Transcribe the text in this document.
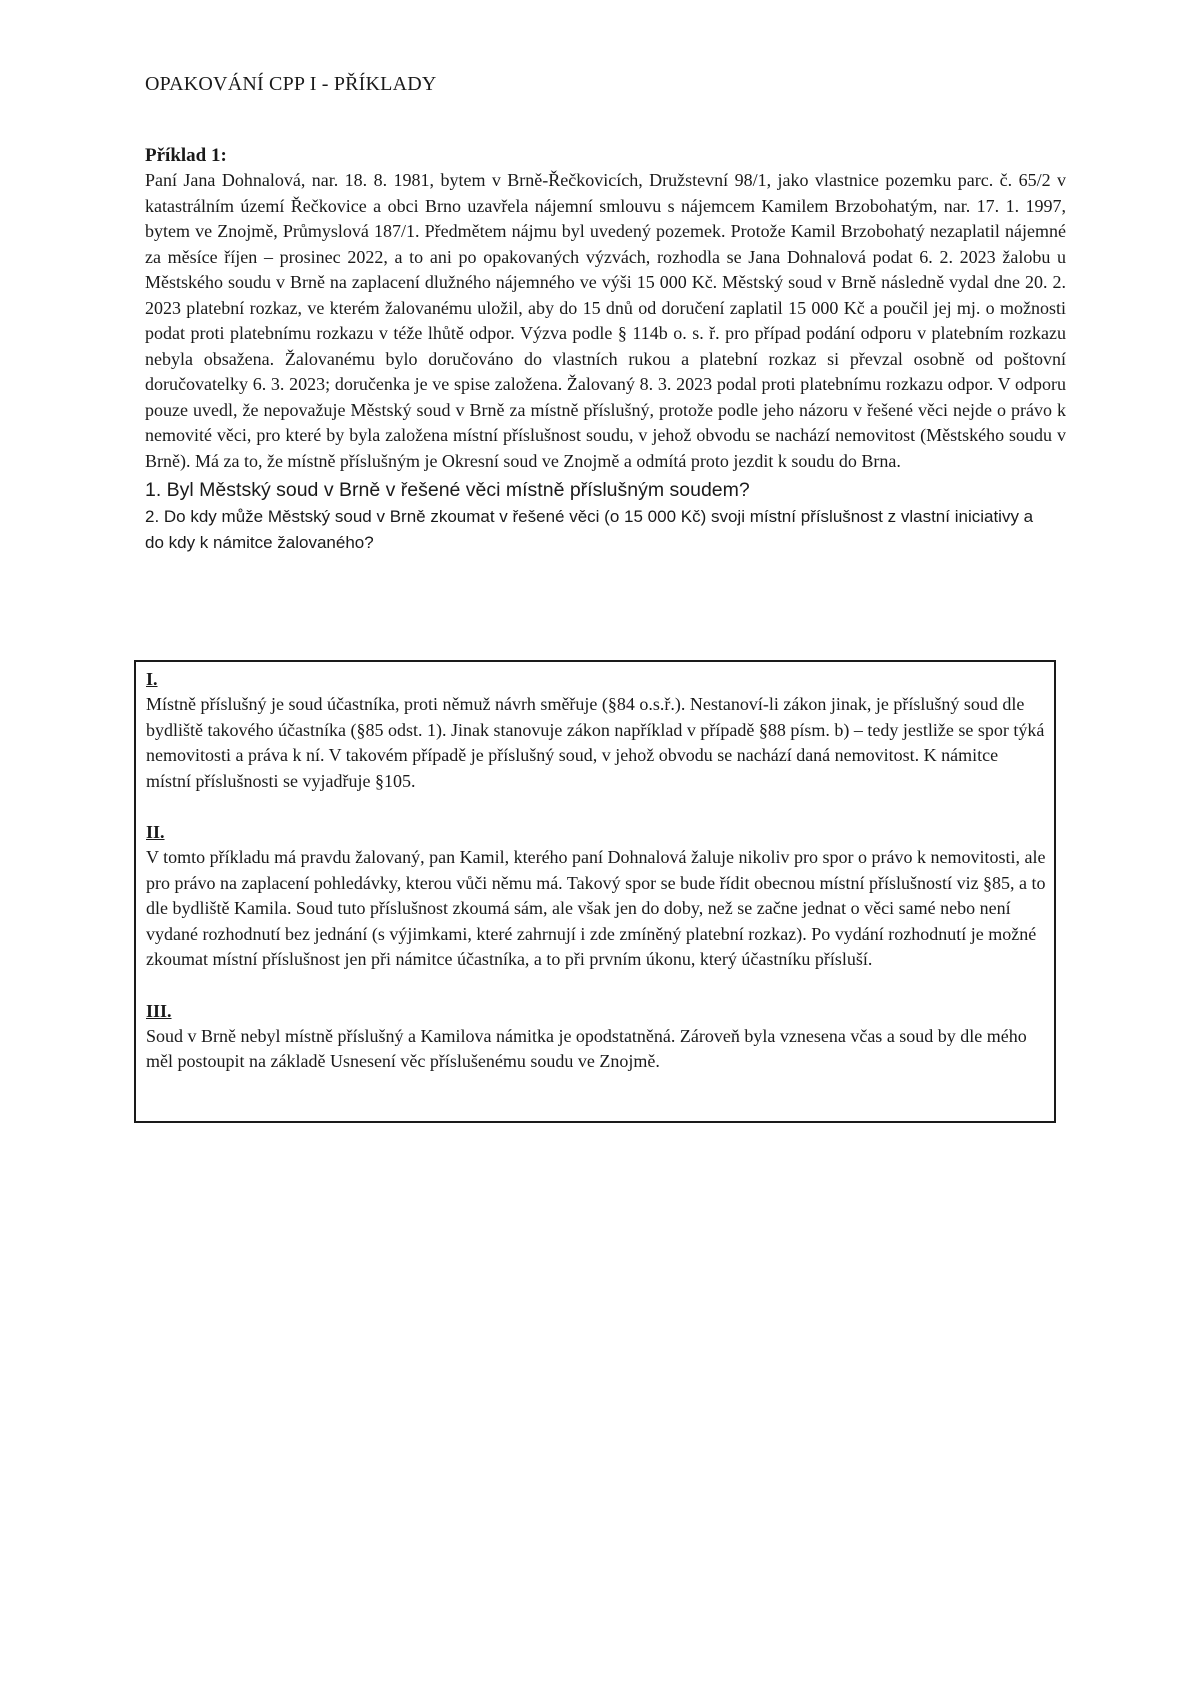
OPAKOVÁNÍ CPP I - PŘÍKLADY

Příklad 1:

Paní Jana Dohnalová, nar. 18. 8. 1981, bytem v Brně-Řečkovicích, Družstevní 98/1, jako vlastnice pozemku parc. č. 65/2 v katastrálním území Řečkovice a obci Brno uzavřela nájemní smlouvu s nájemcem Kamilem Brzobohatým, nar. 17. 1. 1997, bytem ve Znojmě, Průmyslová 187/1. Předmětem nájmu byl uvedený pozemek. Protože Kamil Brzobohatý nezaplatil nájemné za měsíce říjen – prosinec 2022, a to ani po opakovaných výzvách, rozhodla se Jana Dohnalová podat 6. 2. 2023 žalobu u Městského soudu v Brně na zaplacení dlužného nájemného ve výši 15 000 Kč. Městský soud v Brně následně vydal dne 20. 2. 2023 platební rozkaz, ve kterém žalovanému uložil, aby do 15 dnů od doručení zaplatil 15 000 Kč a poučil jej mj. o možnosti podat proti platebnímu rozkazu v téže lhůtě odpor. Výzva podle § 114b o. s. ř. pro případ podání odporu v platebním rozkazu nebyla obsažena. Žalovanému bylo doručováno do vlastních rukou a platební rozkaz si převzal osobně od poštovní doručovatelky 6. 3. 2023; doručenka je ve spise založena. Žalovaný 8. 3. 2023 podal proti platebnímu rozkazu odpor. V odporu pouze uvedl, že nepovažuje Městský soud v Brně za místně příslušný, protože podle jeho názoru v řešené věci nejde o právo k nemovité věci, pro které by byla založena místní příslušnost soudu, v jehož obvodu se nachází nemovitost (Městského soudu v Brně). Má za to, že místně příslušným je Okresní soud ve Znojmě a odmítá proto jezdit k soudu do Brna.

1. Byl Městský soud v Brně v řešené věci místně příslušným soudem?

2. Do kdy může Městský soud v Brně zkoumat v řešené věci (o 15 000 Kč) svoji místní příslušnost z vlastní iniciativy a do kdy k námitce žalovaného?

I.

Místně příslušný je soud účastníka, proti němuž návrh směřuje (§84 o.s.ř.). Nestanoví-li zákon jinak, je příslušný soud dle bydliště takového účastníka (§85 odst. 1). Jinak stanovuje zákon například v případě §88 písm. b) – tedy jestliže se spor týká nemovitosti a práva k ní. V takovém případě je příslušný soud, v jehož obvodu se nachází daná nemovitost. K námitce místní příslušnosti se vyjadřuje §105.

II.

V tomto příkladu má pravdu žalovaný, pan Kamil, kterého paní Dohnalová žaluje nikoliv pro spor o právo k nemovitosti, ale pro právo na zaplacení pohledávky, kterou vůči němu má. Takový spor se bude řídit obecnou místní příslušností viz §85, a to dle bydliště Kamila. Soud tuto příslušnost zkoumá sám, ale však jen do doby, než se začne jednat o věci samé nebo není vydané rozhodnutí bez jednání (s výjimkami, které zahrnují i zde zmíněný platební rozkaz). Po vydání rozhodnutí je možné zkoumat místní příslušnost jen při námitce účastníka, a to při prvním úkonu, který účastníku přísluší.

III.

Soud v Brně nebyl místně příslušný a Kamilova námitka je opodstatněná. Zároveň byla vznesena včas a soud by dle mého měl postoupit na základě Usnesení věc příslušenému soudu ve Znojmě.
